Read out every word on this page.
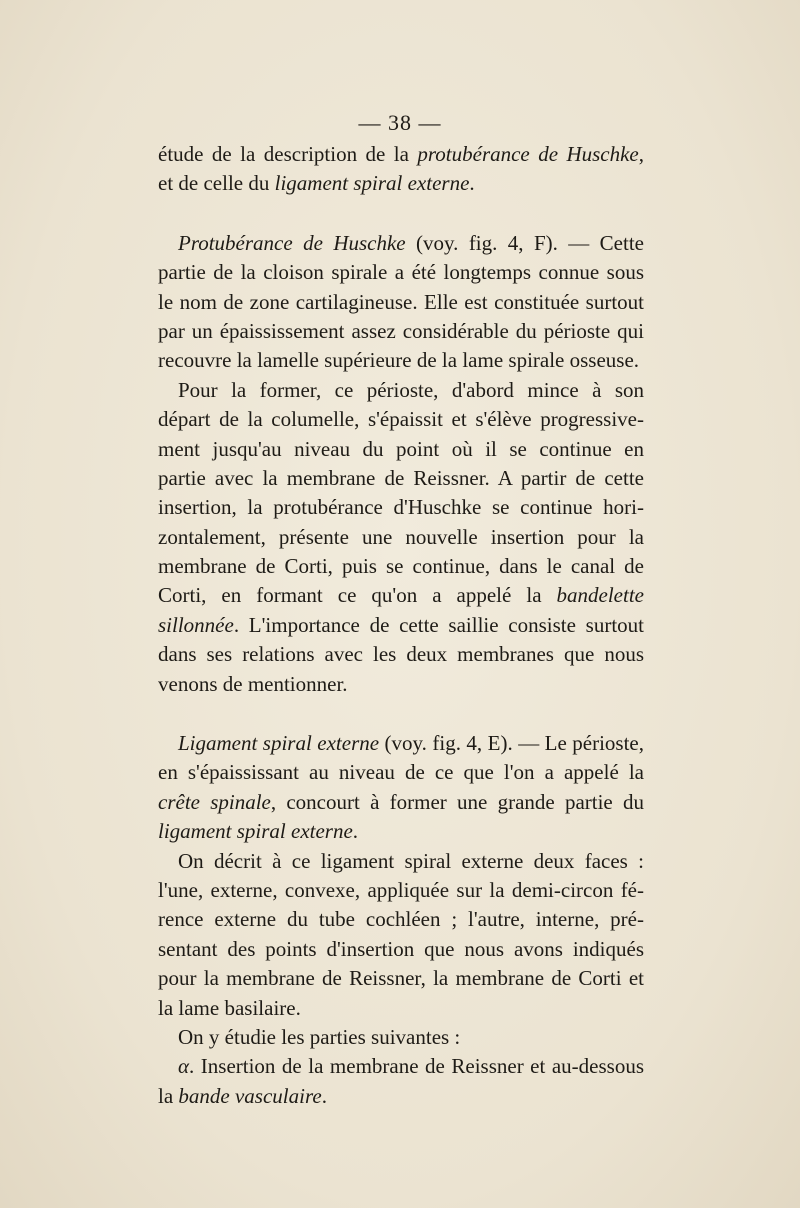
— 38 —
étude de la description de la protubérance de Huschke,
et de celle du ligament spiral externe.
Protubérance de Huschke (voy. fig. 4, F). — Cette
partie de la cloison spirale a été longtemps connue sous
le nom de zone cartilagineuse. Elle est constituée surtout
par un épaississement assez considérable du périoste qui
recouvre la lamelle supérieure de la lame spirale osseuse.
Pour la former, ce périoste, d'abord mince à son
départ de la columelle, s'épaissit et s'élève progressive-
ment jusqu'au niveau du point où il se continue en
partie avec la membrane de Reissner. A partir de cette
insertion, la protubérance d'Huschke se continue hori-
zontalement, présente une nouvelle insertion pour la
membrane de Corti, puis se continue, dans le canal de
Corti, en formant ce qu'on a appelé la bandelette
sillonnée. L'importance de cette saillie consiste surtout
dans ses relations avec les deux membranes que nous
venons de mentionner.
Ligament spiral externe (voy. fig. 4, E). — Le périoste,
en s'épaississant au niveau de ce que l'on a appelé la
crête spinale, concourt à former une grande partie du
ligament spiral externe.
On décrit à ce ligament spiral externe deux faces :
l'une, externe, convexe, appliquée sur la demi-circon fé-
rence externe du tube cochléen ; l'autre, interne, pré-
sentant des points d'insertion que nous avons indiqués
pour la membrane de Reissner, la membrane de Corti et
la lame basilaire.
On y étudie les parties suivantes :
α. Insertion de la membrane de Reissner et au-dessous
la bande vasculaire.
